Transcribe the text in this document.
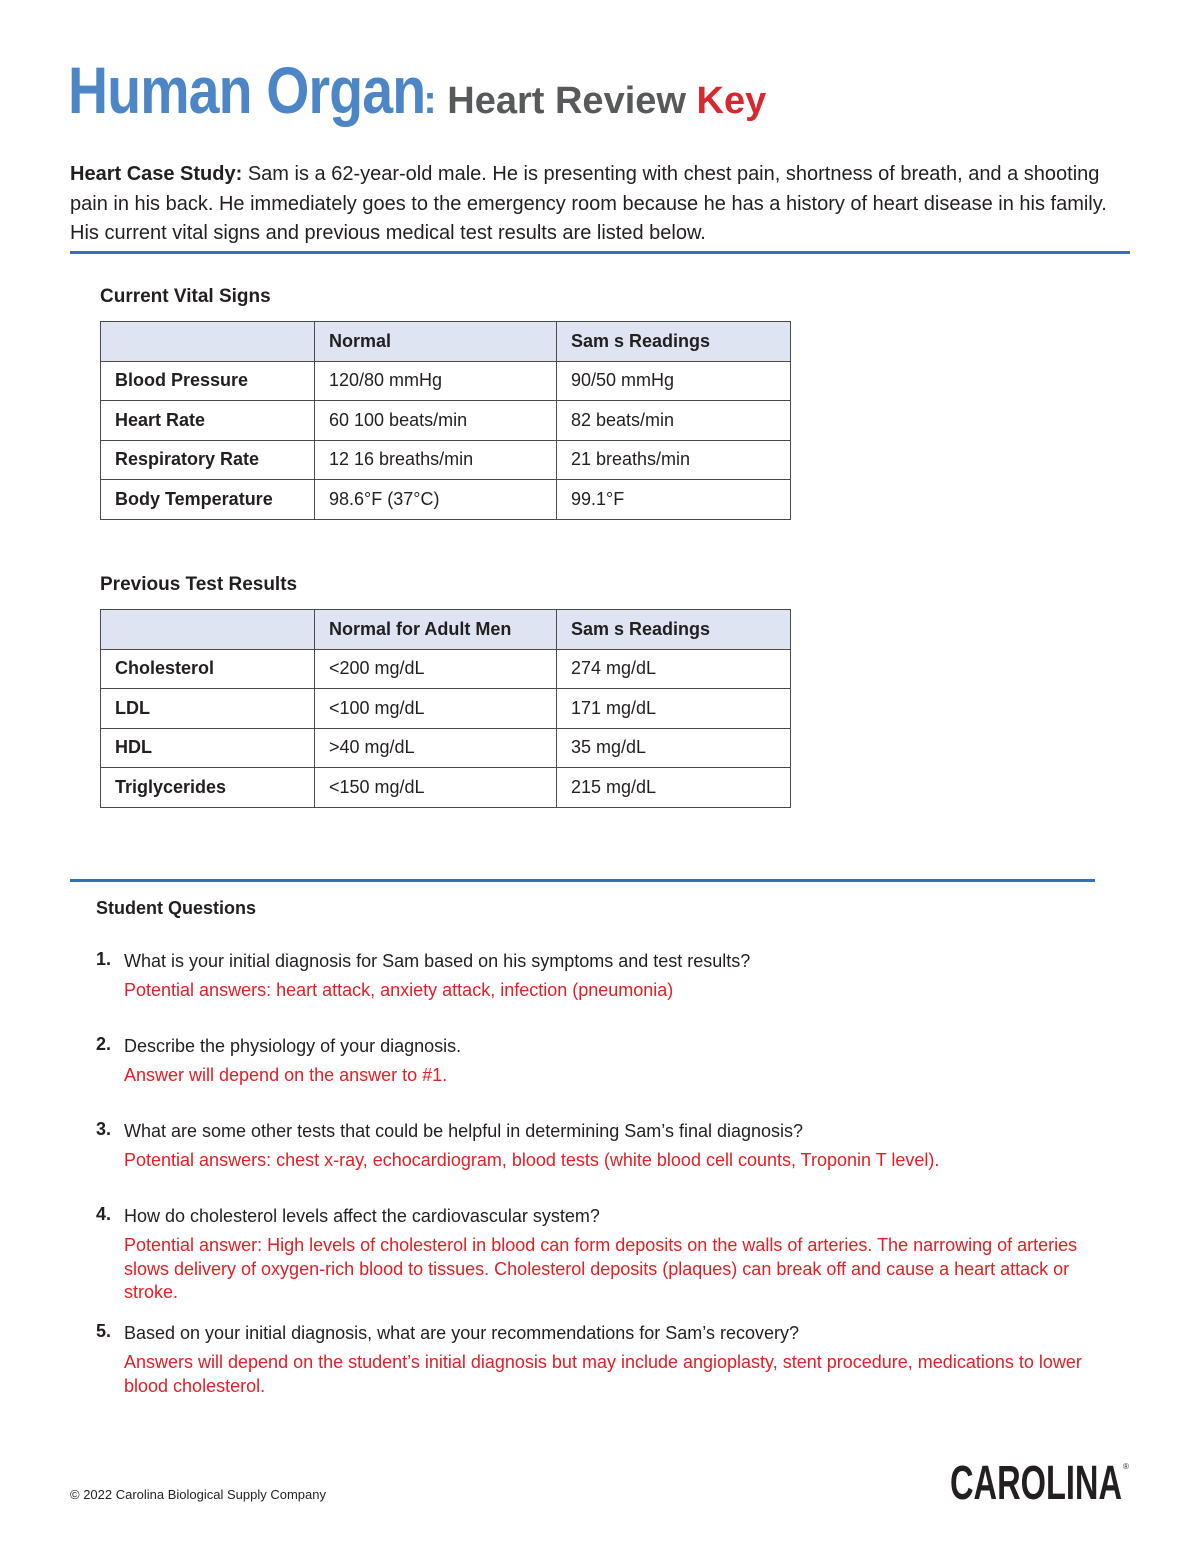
Human Organ: Heart Review Key
Heart Case Study: Sam is a 62-year-old male. He is presenting with chest pain, shortness of breath, and a shooting pain in his back. He immediately goes to the emergency room because he has a history of heart disease in his family. His current vital signs and previous medical test results are listed below.
Current Vital Signs
	Normal	Sam s Readings
Blood Pressure	120/80 mmHg	90/50 mmHg
Heart Rate	60 100 beats/min	82 beats/min
Respiratory Rate	12 16 breaths/min	21 breaths/min
Body Temperature	98.6°F (37°C)	99.1°F
Previous Test Results
	Normal for Adult Men	Sam s Readings
Cholesterol	<200 mg/dL	274 mg/dL
LDL	<100 mg/dL	171 mg/dL
HDL	>40 mg/dL	35 mg/dL
Triglycerides	<150 mg/dL	215 mg/dL
Student Questions
1. What is your initial diagnosis for Sam based on his symptoms and test results?
Potential answers: heart attack, anxiety attack, infection (pneumonia)
2. Describe the physiology of your diagnosis.
Answer will depend on the answer to #1.
3. What are some other tests that could be helpful in determining Sam’s final diagnosis?
Potential answers: chest x-ray, echocardiogram, blood tests (white blood cell counts, Troponin T level).
4. How do cholesterol levels affect the cardiovascular system?
Potential answer: High levels of cholesterol in blood can form deposits on the walls of arteries. The narrowing of arteries slows delivery of oxygen-rich blood to tissues. Cholesterol deposits (plaques) can break off and cause a heart attack or stroke.
5. Based on your initial diagnosis, what are your recommendations for Sam’s recovery?
Answers will depend on the student’s initial diagnosis but may include angioplasty, stent procedure, medications to lower blood cholesterol.
© 2022 Carolina Biological Supply Company	CAROLINA ®
